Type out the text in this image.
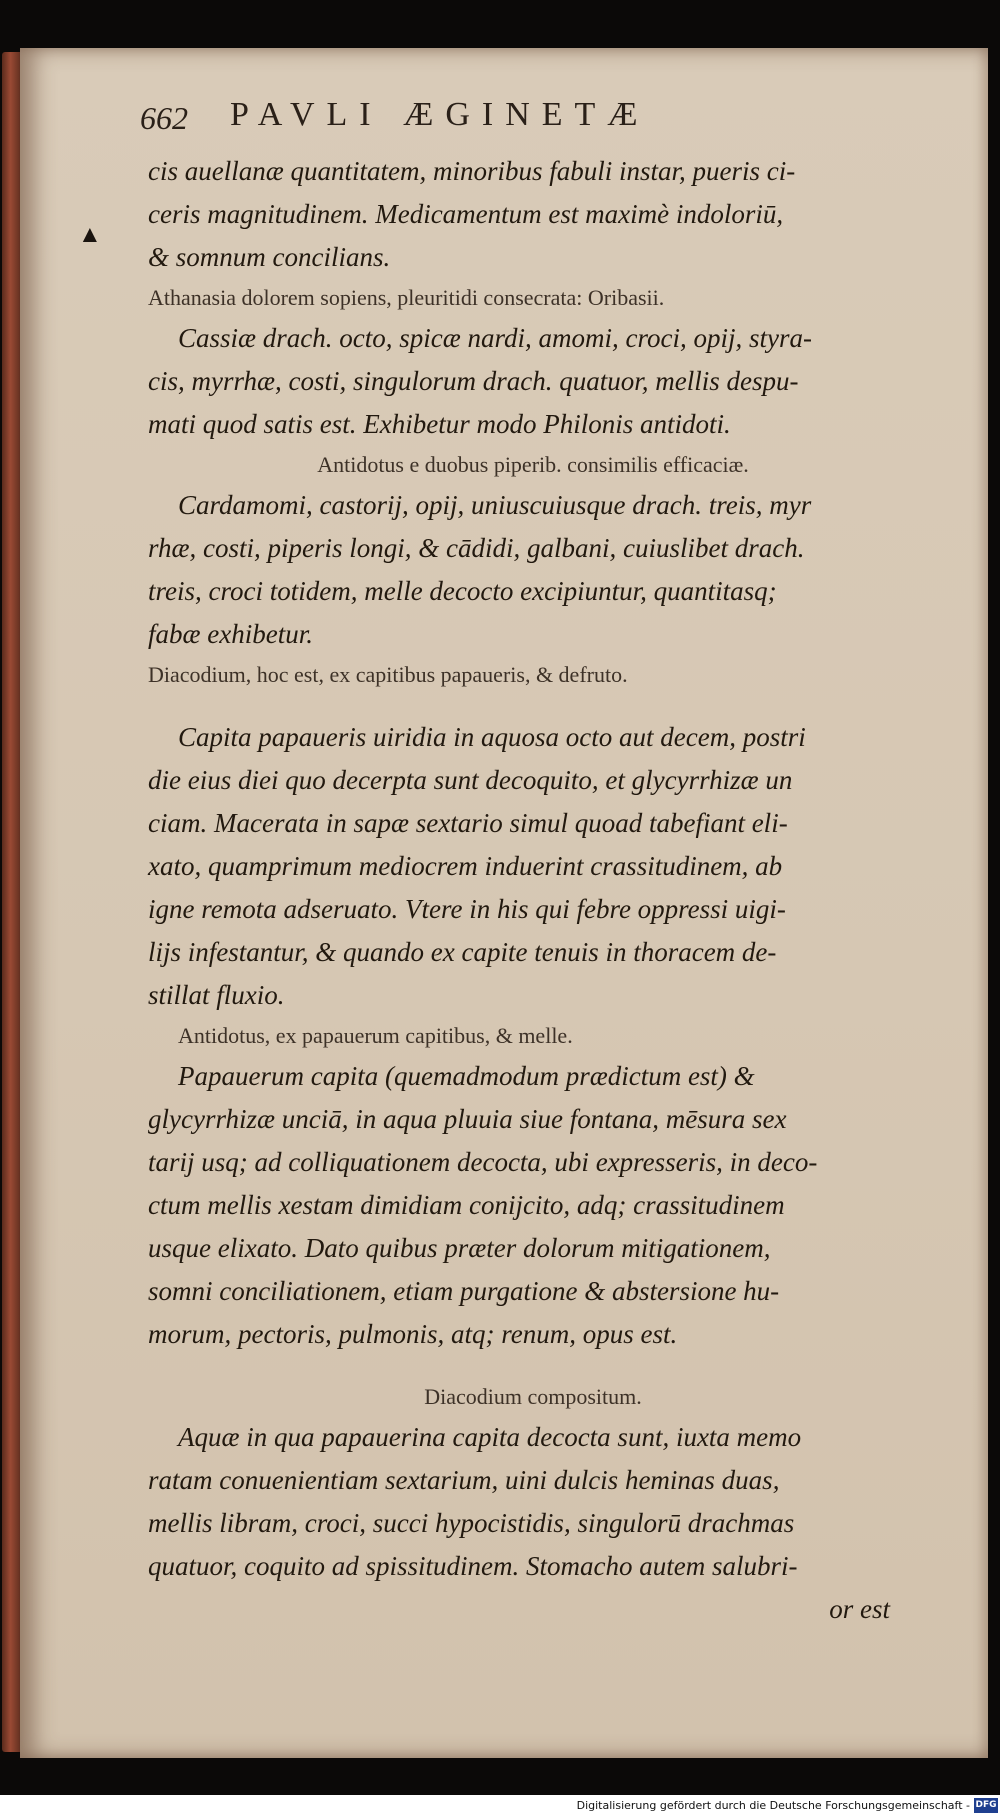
662 PAVLI ÆGINETÆ
▲
cis auellanæ quantitatem, minoribus fabuli instar, pueris ci-
ceris magnitudinem. Medicamentum est maximè indoloriū,
& somnum concilians.
Athanasia dolorem sopiens, pleuritidi consecrata: Oribasii.
Cassiæ drach. octo, spicæ nardi, amomi, croci, opij, styra-
cis, myrrhæ, costi, singulorum drach. quatuor, mellis despu-
mati quod satis est. Exhibetur modo Philonis antidoti.
Antidotus e duobus piperib. consimilis efficaciæ.
Cardamomi, castorij, opij, uniuscuiusque drach. treis, myr
rhæ, costi, piperis longi, & cādidi, galbani, cuiuslibet drach.
treis, croci totidem, melle decocto excipiuntur, quantitasq;
fabæ exhibetur.
Diacodium, hoc est, ex capitibus papaueris, & defruto.
Capita papaueris uiridia in aquosa octo aut decem, postri
die eius diei quo decerpta sunt decoquito, et glycyrrhizæ un
ciam. Macerata in sapæ sextario simul quoad tabefiant eli-
xato, quamprimum mediocrem induerint crassitudinem, ab
igne remota adseruato. Vtere in his qui febre oppressi uigi-
lijs infestantur, & quando ex capite tenuis in thoracem de-
stillat fluxio.
Antidotus, ex papauerum capitibus, & melle.
Papauerum capita (quemadmodum prædictum est) &
glycyrrhizæ unciā, in aqua pluuia siue fontana, mēsura sex
tarij usq; ad colliquationem decocta, ubi expresseris, in deco-
ctum mellis xestam dimidiam conijcito, adq; crassitudinem
usque elixato. Dato quibus præter dolorum mitigationem,
somni conciliationem, etiam purgatione & abstersione hu-
morum, pectoris, pulmonis, atq; renum, opus est.
Diacodium compositum.
Aquæ in qua papauerina capita decocta sunt, iuxta memo
ratam conuenientiam sextarium, uini dulcis heminas duas,
mellis libram, croci, succi hypocistidis, singulorū drachmas
quatuor, coquito ad spissitudinem. Stomacho autem salubri-
or est
Digitalisierung gefördert durch die Deutsche Forschungsgemeinschaft - DFG
